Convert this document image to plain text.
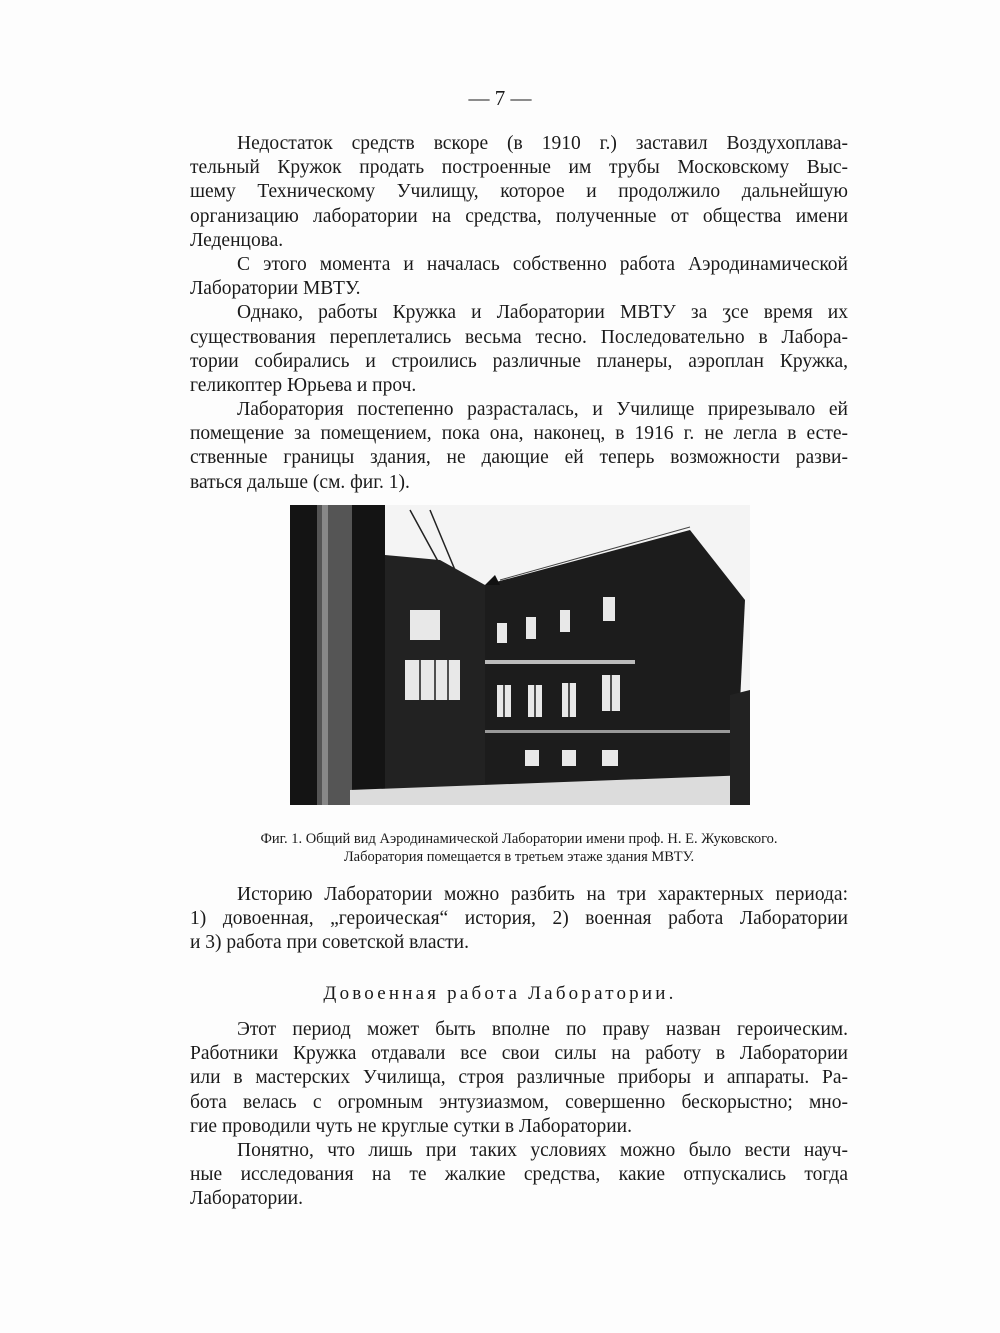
— 7 —
Недостаток средств вскоре (в 1910 г.) заставил Воздухоплава-
тельный Кружок продать построенные им трубы Московскому Выс-
шему Техническому Училищу, которое и продолжило дальнейшую
организацию лаборатории на средства, полученные от общества имени
Леденцова.
С этого момента и началась собственно работа Аэродинамической
Лаборатории МВТУ.
Однако, работы Кружка и Лаборатории МВТУ за ʒсе время их
существования переплетались весьма тесно. Последовательно в Лабора-
тории собирались и строились различные планеры, аэроплан Кружка,
геликоптер Юрьева и проч.
Лаборатория постепенно разрасталась, и Училище прирезывало ей
помещение за помещением, пока она, наконец, в 1916 г. не легла в есте-
ственные границы здания, не дающие ей теперь возможности разви-
ваться дальше (см. фиг. 1).
Фиг. 1. Общий вид Аэродинамической Лаборатории имени проф. Н. Е. Жуковского.
Лаборатория помещается в третьем этаже здания МВТУ.
Историю Лаборатории можно разбить на три характерных периода:
1) довоенная, „героическая“ история, 2) военная работа Лаборатории
и 3) работа при советской власти.
Довоенная работа Лаборатории.
Этот период может быть вполне по праву назван героическим.
Работники Кружка отдавали все свои силы на работу в Лаборатории
или в мастерских Училища, строя различные приборы и аппараты. Ра-
бота велась с огромным энтузиазмом, совершенно бескорыстно; мно-
гие проводили чуть не круглые сутки в Лаборатории.
Понятно, что лишь при таких условиях можно было вести науч-
ные исследования на те жалкие средства, какие отпускались тогда
Лаборатории.
